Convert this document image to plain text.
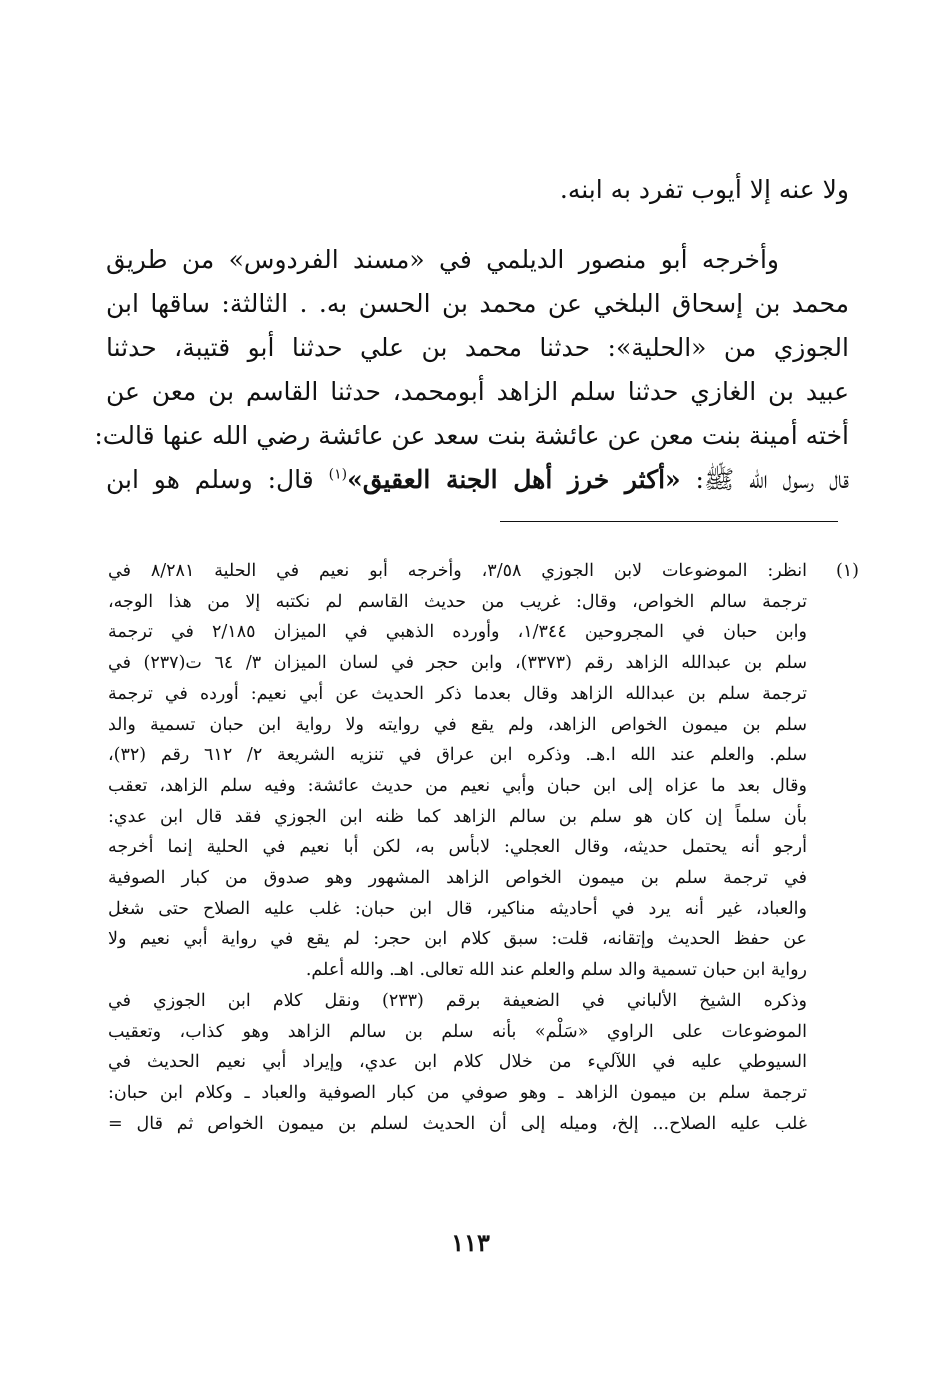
ولا عنه إلا أيوب تفرد به ابنه.
وأخرجه أبو منصور الديلمي في «مسند الفردوس» من طريق
محمد بن إسحاق البلخي عن محمد بن الحسن به. . الثالثة: ساقها ابن
الجوزي من «الحلية»: حدثنا محمد بن علي حدثنا أبو قتيبة، حدثنا
عبيد بن الغازي حدثنا سلم الزاهد أبومحمد، حدثنا القاسم بن معن عن
أخته أمينة بنت معن عن عائشة بنت سعد عن عائشة رضي الله عنها قالت:
قال رسول الله ﷺ: «أكثر خرز أهل الجنة العقيق»$^{(١)}$ قال: وسلم هو ابن
(١)
انظر: الموضوعات لابن الجوزي ٣/٥٨، وأخرجه أبو نعيم في الحلية ٨/٢٨١ في
ترجمة سالم الخواص، وقال: غريب من حديث القاسم لم نكتبه إلا من هذا الوجه،
وابن حبان في المجروحين ١/٣٤٤، وأورده الذهبي في الميزان ٢/١٨٥ في ترجمة
سلم بن عبدالله الزاهد رقم (٣٣٧٣)، وابن حجر في لسان الميزان ٣/ ٦٤ ت(٢٣٧) في
ترجمة سلم بن عبدالله الزاهد وقال بعدما ذكر الحديث عن أبي نعيم: أورده في ترجمة
سلم بن ميمون الخواص الزاهد، ولم يقع في روايته ولا رواية ابن حبان تسمية والد
سلم. والعلم عند الله ا.هـ. وذكره ابن عراق في تنزيه الشريعة ٢/ ٦١٢ رقم (٣٢)،
وقال بعد ما عزاه إلى ابن حبان وأبي نعيم من حديث عائشة: وفيه سلم الزاهد، تعقب
بأن سلماً إن كان هو سلم بن سالم الزاهد كما ظنه ابن الجوزي فقد قال ابن عدي:
أرجو أنه يحتمل حديثه، وقال العجلي: لابأس به، لكن أبا نعيم في الحلية إنما أخرجه
في ترجمة سلم بن ميمون الخواص الزاهد المشهور وهو صدوق من كبار الصوفية
والعباد، غير أنه يرد في أحاديثه مناكير، قال ابن حبان: غلب عليه الصلاح حتى شغل
عن حفظ الحديث وإتقانه، قلت: سبق كلام ابن حجر: لم يقع في رواية أبي نعيم ولا
رواية ابن حبان تسمية والد سلم والعلم عند الله تعالى. اهـ. والله أعلم.
وذكره الشيخ الألباني في الضعيفة برقم (٢٣٣) ونقل كلام ابن الجوزي في
الموضوعات على الراوي «سَلْم» بأنه سلم بن سالم الزاهد وهو كذاب، وتعقيب
السيوطي عليه في اللآليء من خلال كلام ابن عدي، وإيراد أبي نعيم الحديث في
ترجمة سلم بن ميمون الزاهد ـ وهو صوفي من كبار الصوفية والعباد ـ وكلام ابن حبان:
غلب عليه الصلاح... إلخ، وميله إلى أن الحديث لسلم بن ميمون الخواص ثم قال =
١١٣
